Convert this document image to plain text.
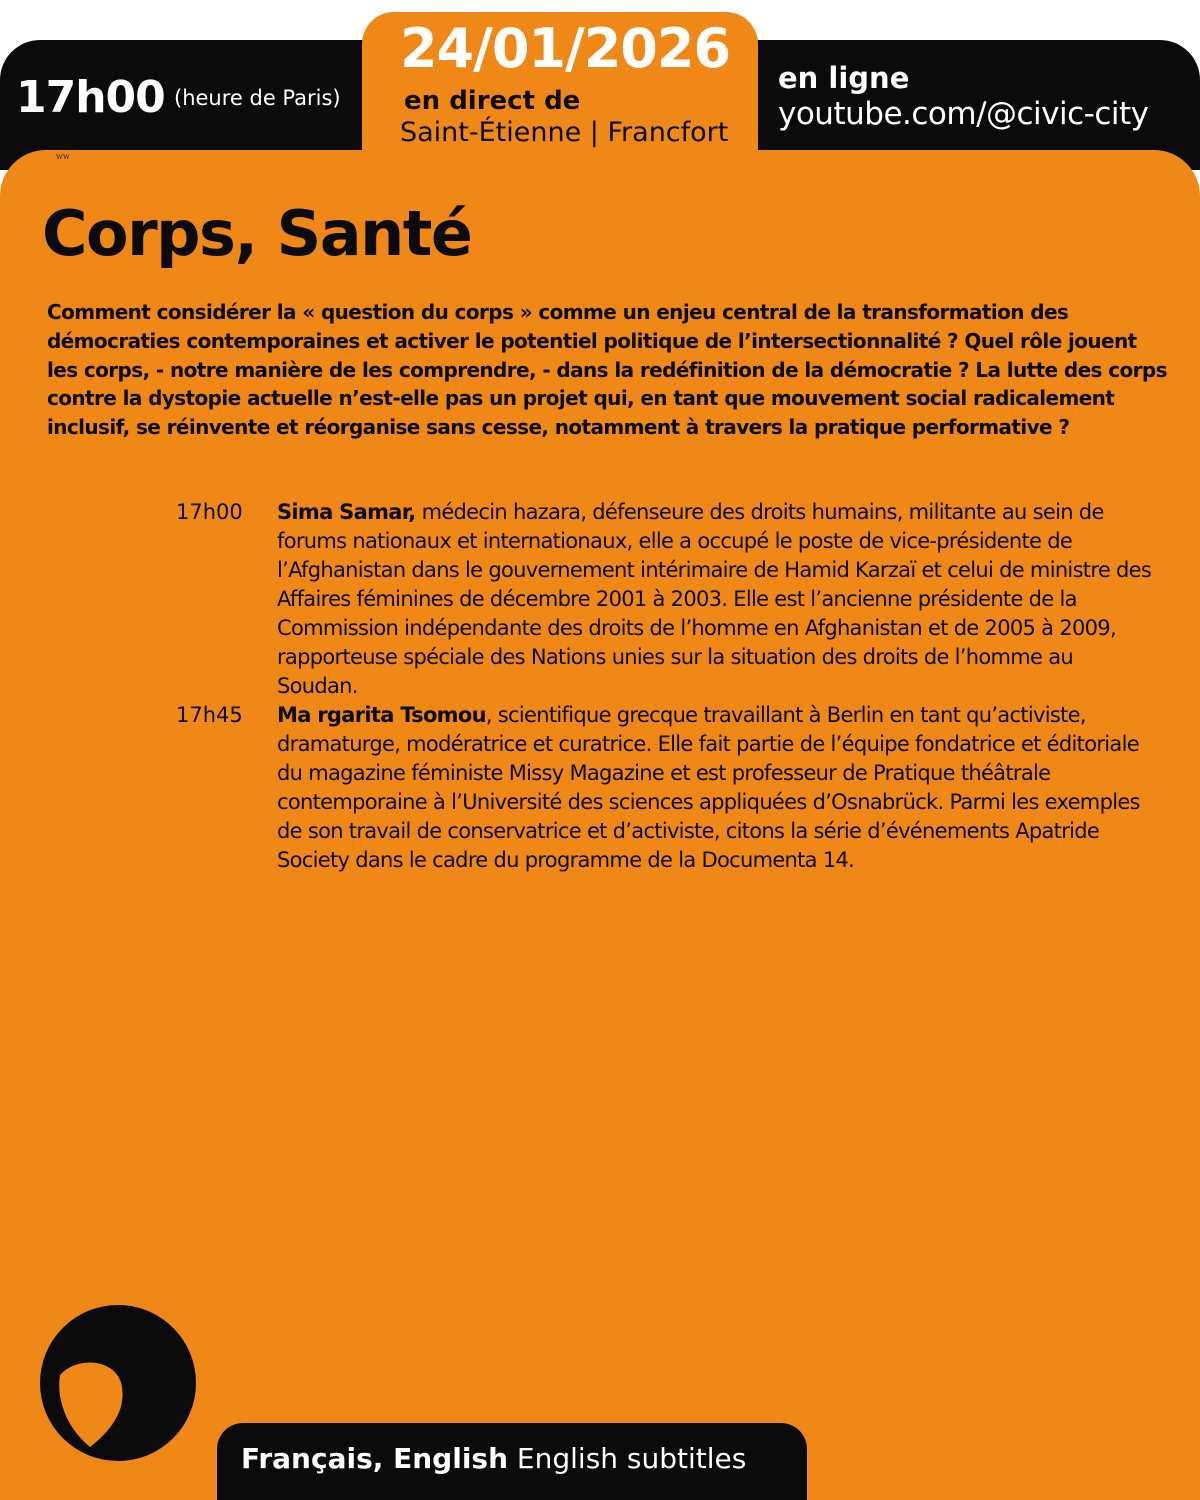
17h00 (heure de Paris)
24/01/2026
en direct de
Saint-Étienne | Francfort
en ligne
youtube.com/@civic-city
ww
Corps, Santé

Comment considérer la « question du corps » comme un enjeu central de la transformation des démocraties contemporaines et activer le potentiel politique de l’intersectionnalité ? Quel rôle jouent les corps, - notre manière de les comprendre, - dans la redéfinition de la démocratie ? La lutte des corps contre la dystopie actuelle n’est-elle pas un projet qui, en tant que mouvement social radicalement inclusif, se réinvente et réorganise sans cesse, notamment à travers la pratique performative ?

17h00 Sima Samar, médecin hazara, défenseure des droits humains, militante au sein de forums nationaux et internationaux, elle a occupé le poste de vice-présidente de l’Afghanistan dans le gouvernement intérimaire de Hamid Karzaï et celui de ministre des Affaires féminines de décembre 2001 à 2003. Elle est l’ancienne présidente de la Commission indépendante des droits de l’homme en Afghanistan et de 2005 à 2009, rapporteuse spéciale des Nations unies sur la situation des droits de l’homme au Soudan.
17h45 Ma rgarita Tsomou, scientifique grecque travaillant à Berlin en tant qu’activiste, dramaturge, modératrice et curatrice. Elle fait partie de l’équipe fondatrice et éditoriale du magazine féministe Missy Magazine et est professeur de Pratique théâtrale contemporaine à l’Université des sciences appliquées d’Osnabrück. Parmi les exemples de son travail de conservatrice et d’activiste, citons la série d’événements Apatride Society dans le cadre du programme de la Documenta 14.
Français, English English subtitles
